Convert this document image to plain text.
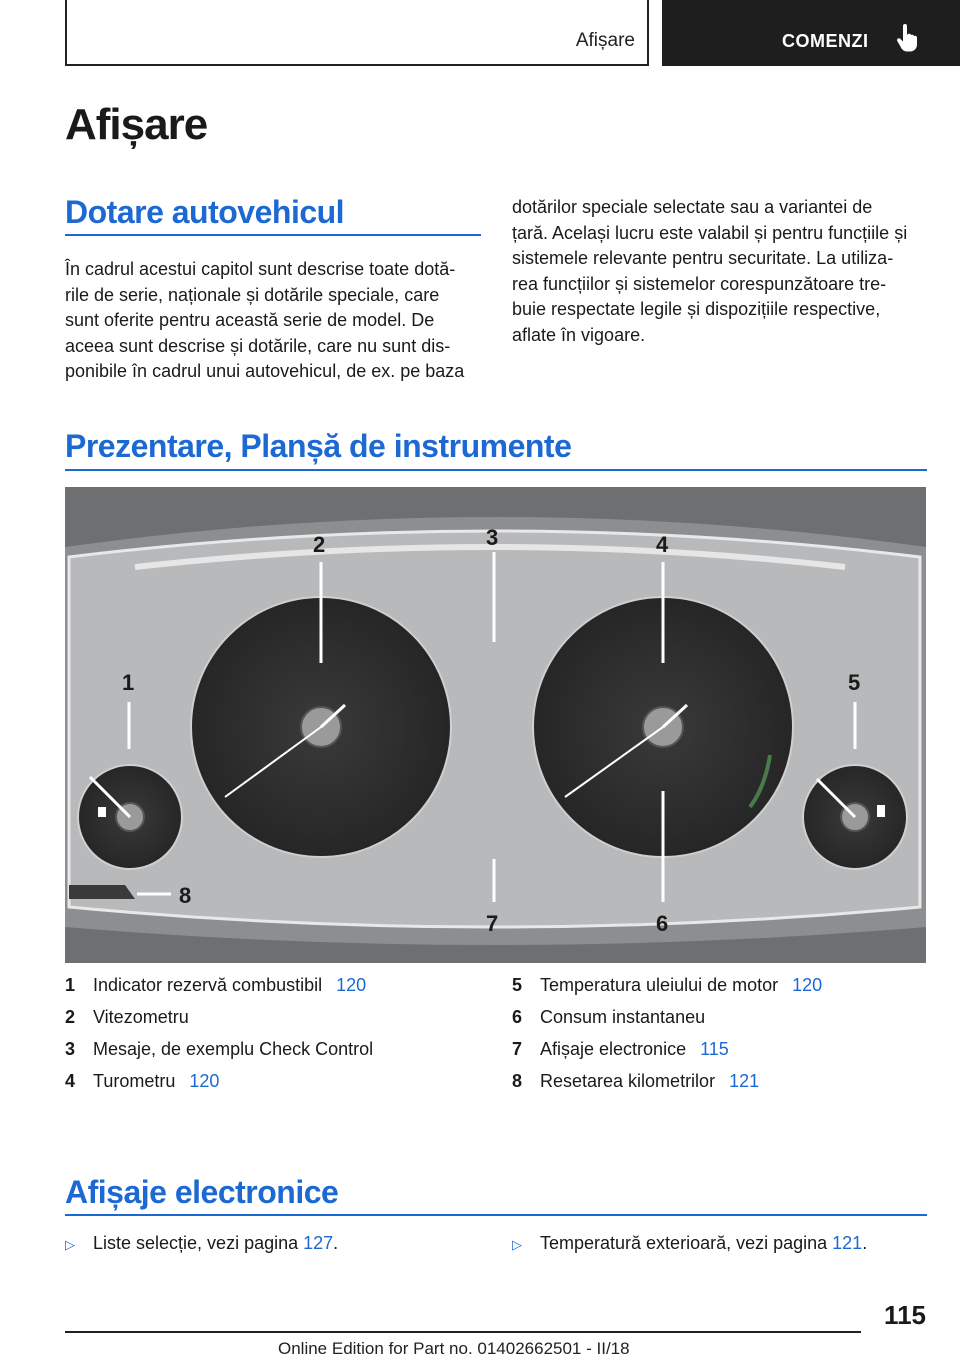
Afișare	COMENZI
Afișare
Dotare autovehicul
În cadrul acestui capitol sunt descrise toate dotă-
rile de serie, naționale și dotările speciale, care
sunt oferite pentru această serie de model. De
aceea sunt descrise și dotările, care nu sunt dis-
ponibile în cadrul unui autovehicul, de ex. pe baza
dotărilor speciale selectate sau a variantei de
țară. Același lucru este valabil și pentru funcțiile și
sistemele relevante pentru securitate. La utiliza-
rea funcțiilor și sistemelor corespunzătoare tre-
buie respectate legile și dispozițiile respective,
aflate în vigoare.
Prezentare, Planșă de instrumente
1
2	3	4
5
6
7
8
1 Indicator rezervă combustibil 120
2 Vitezometru
3 Mesaje, de exemplu Check Control
4 Turometru 120
5 Temperatura uleiului de motor 120
6 Consum instantaneu
7 Afișaje electronice 115
8 Resetarea kilometrilor 121
Afișaje electronice
▷	Liste selecție, vezi pagina 127 .	▷	Temperatură exterioară, vezi pagina 121 .
115
Online Edition for Part no. 01402662501 - II/18
